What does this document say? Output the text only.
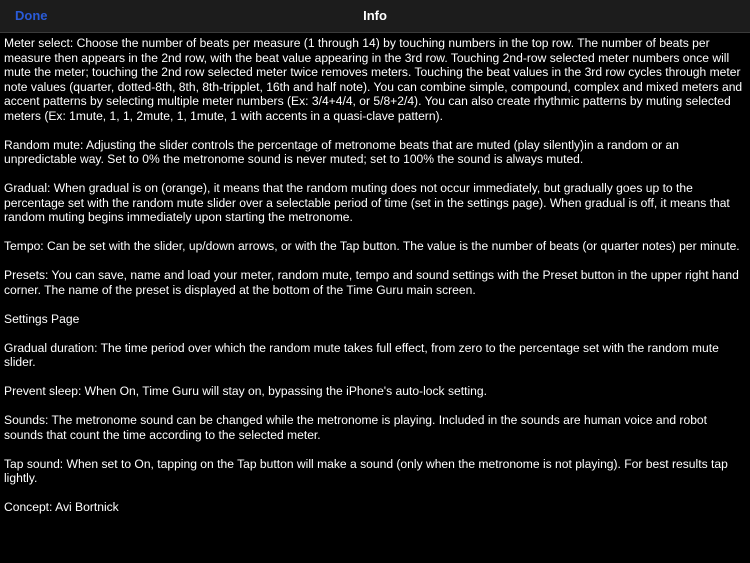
Done	Info

Meter select: Choose the number of beats per measure (1 through 14) by touching numbers in the top row. The number of beats per measure then appears in the 2nd row, with the beat value appearing in the 3rd row. Touching 2nd-row selected meter numbers once will mute the meter; touching the 2nd row selected meter twice removes meters. Touching the beat values in the 3rd row cycles through meter note values (quarter, dotted-8th, 8th, 8th-tripplet, 16th and half note). You can combine simple, compound, complex and mixed meters and accent patterns by selecting multiple meter numbers (Ex: 3/4+4/4, or 5/8+2/4). You can also create rhythmic patterns by muting selected meters (Ex: 1mute, 1, 1, 2mute, 1, 1mute, 1 with accents in a quasi-clave pattern).

Random mute: Adjusting the slider controls the percentage of metronome beats that are muted (play silently)in a random or an unpredictable way. Set to 0% the metronome sound is never muted; set to 100% the sound is always muted.

Gradual: When gradual is on (orange), it means that the random muting does not occur immediately, but gradually goes up to the percentage set with the random mute slider over a selectable period of time (set in the settings page). When gradual is off, it means that random muting begins immediately upon starting the metronome.

Tempo: Can be set with the slider, up/down arrows, or with the Tap button. The value is the number of beats (or quarter notes) per minute.

Presets: You can save, name and load your meter, random mute, tempo and sound settings with the Preset button in the upper right hand corner. The name of the preset is displayed at the bottom of the Time Guru main screen.

Settings Page

Gradual duration: The time period over which the random mute takes full effect, from zero to the percentage set with the random mute slider.

Prevent sleep: When On, Time Guru will stay on, bypassing the iPhone's auto-lock setting.

Sounds: The metronome sound can be changed while the metronome is playing. Included in the sounds are human voice and robot sounds that count the time according to the selected meter.

Tap sound: When set to On, tapping on the Tap button will make a sound (only when the metronome is not playing). For best results tap lightly.

Concept: Avi Bortnick
